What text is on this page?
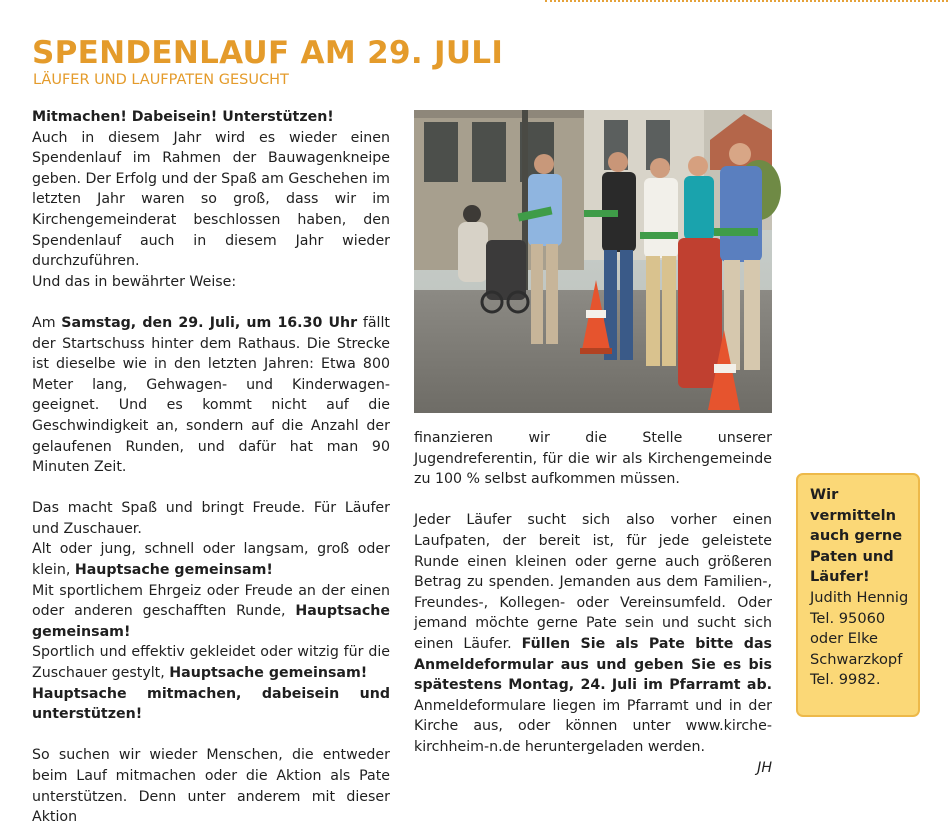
SPENDENLAUF AM 29. JULI
LÄUFER UND LAUFPATEN GESUCHT

Mitmachen! Dabeisein! Unterstützen!
Auch in diesem Jahr wird es wieder einen Spendenlauf im Rahmen der Bauwagenkneipe geben. Der Erfolg und der Spaß am Geschehen im letzten Jahr waren so groß, dass wir im Kirchengemeinderat beschlossen haben, den Spendenlauf auch in diesem Jahr wieder durchzuführen.
Und das in bewährter Weise:

Am Samstag, den 29. Juli, um 16.30 Uhr fällt der Startschuss hinter dem Rathaus. Die Strecke ist dieselbe wie in den letzten Jahren: Etwa 800 Meter lang, Gehwagen- und Kinderwagen-geeignet. Und es kommt nicht auf die Geschwindigkeit an, sondern auf die Anzahl der gelaufenen Runden, und dafür hat man 90 Minuten Zeit.

Das macht Spaß und bringt Freude. Für Läufer und Zuschauer.
Alt oder jung, schnell oder langsam, groß oder klein, Hauptsache gemeinsam!
Mit sportlichem Ehrgeiz oder Freude an der einen oder anderen geschafften Runde, Hauptsache gemeinsam!
Sportlich und effektiv gekleidet oder witzig für die Zuschauer gestylt, Hauptsache gemeinsam!
Hauptsache mitmachen, dabeisein und unterstützen!

So suchen wir wieder Menschen, die entweder beim Lauf mitmachen oder die Aktion als Pate unterstützen. Denn unter anderem mit dieser Aktion

finanzieren wir die Stelle unserer Jugendreferentin, für die wir als Kirchengemeinde zu 100 % selbst aufkommen müssen.

Jeder Läufer sucht sich also vorher einen Laufpaten, der bereit ist, für jede geleistete Runde einen kleinen oder gerne auch größeren Betrag zu spenden. Jemanden aus dem Familien-, Freundes-, Kollegen- oder Vereinsumfeld. Oder jemand möchte gerne Pate sein und sucht sich einen Läufer. Füllen Sie als Pate bitte das Anmeldeformular aus und geben Sie es bis spätestens Montag, 24. Juli im Pfarramt ab. Anmeldeformulare liegen im Pfarramt und in der Kirche aus, oder können unter www.kirche-kirchheim-n.de heruntergeladen werden.

JH

Wir vermitteln auch gerne Paten und Läufer!
Judith Hennig Tel. 95060 oder Elke Schwarzkopf Tel. 9982.
